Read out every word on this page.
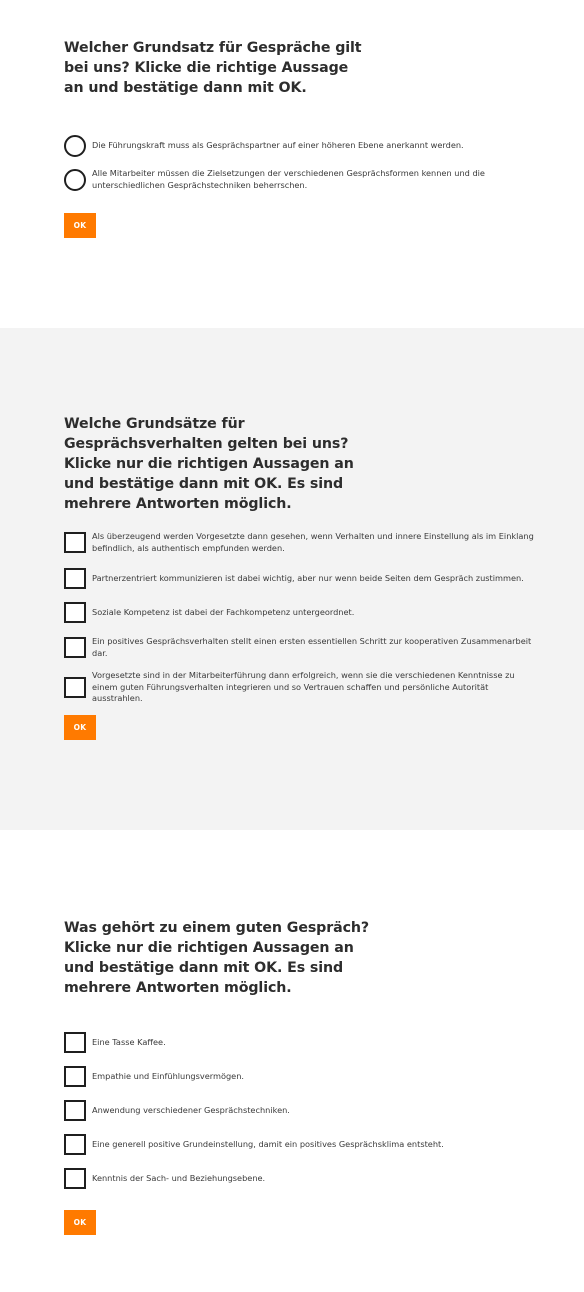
Welcher Grundsatz für Gespräche gilt bei uns? Klicke die richtige Aussage an und bestätige dann mit OK.

Die Führungskraft muss als Gesprächspartner auf einer höheren Ebene anerkannt werden.
Alle Mitarbeiter müssen die Zielsetzungen der verschiedenen Gesprächsformen kennen und die unterschiedlichen Gesprächstechniken beherrschen.
OK

Welche Grundsätze für Gesprächsverhalten gelten bei uns? Klicke nur die richtigen Aussagen an und bestätige dann mit OK. Es sind mehrere Antworten möglich.

Als überzeugend werden Vorgesetzte dann gesehen, wenn Verhalten und innere Einstellung als im Einklang befindlich, als authentisch empfunden werden.
Partnerzentriert kommunizieren ist dabei wichtig, aber nur wenn beide Seiten dem Gespräch zustimmen.
Soziale Kompetenz ist dabei der Fachkompetenz untergeordnet.
Ein positives Gesprächsverhalten stellt einen ersten essentiellen Schritt zur kooperativen Zusammenarbeit dar.
Vorgesetzte sind in der Mitarbeiterführung dann erfolgreich, wenn sie die verschiedenen Kenntnisse zu einem guten Führungsverhalten integrieren und so Vertrauen schaffen und persönliche Autorität ausstrahlen.
OK

Was gehört zu einem guten Gespräch? Klicke nur die richtigen Aussagen an und bestätige dann mit OK. Es sind mehrere Antworten möglich.

Eine Tasse Kaffee.
Empathie und Einfühlungsvermögen.
Anwendung verschiedener Gesprächstechniken.
Eine generell positive Grundeinstellung, damit ein positives Gesprächsklima entsteht.
Kenntnis der Sach- und Beziehungsebene.
OK
